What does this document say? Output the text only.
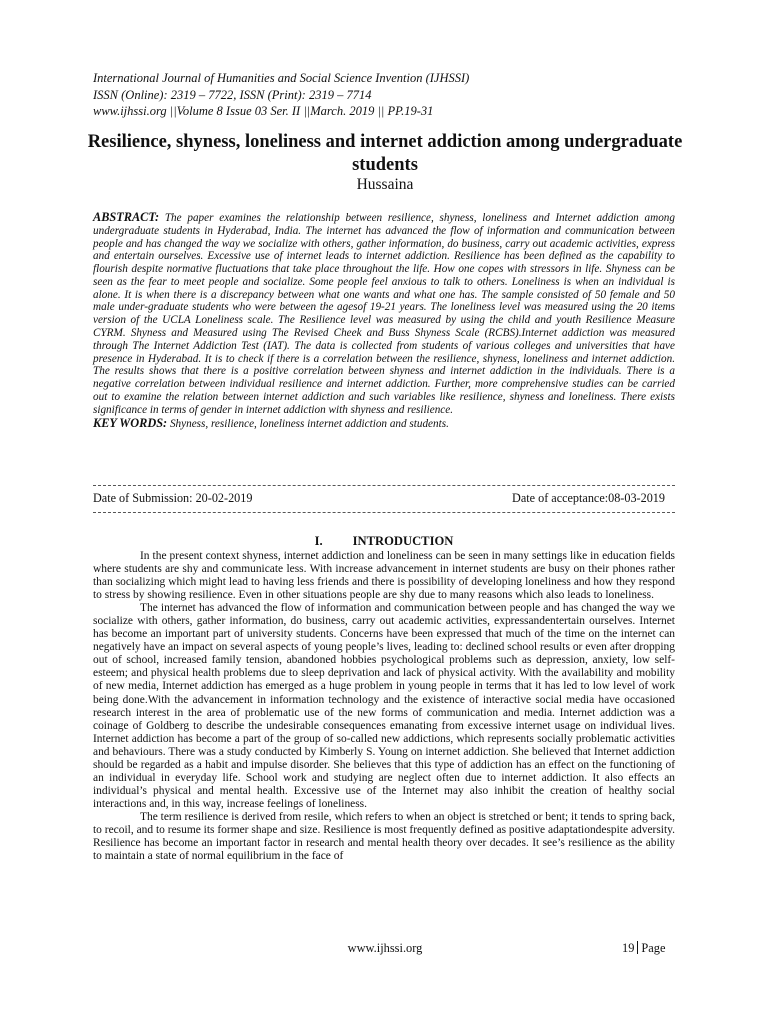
International Journal of Humanities and Social Science Invention (IJHSSI)
ISSN (Online): 2319 – 7722, ISSN (Print): 2319 – 7714
www.ijhssi.org ||Volume 8 Issue 03 Ser. II ||March. 2019 || PP.19-31
Resilience, shyness, loneliness and internet addiction among undergraduate students
Hussaina
ABSTRACT: The paper examines the relationship between resilience, shyness, loneliness and Internet addiction among undergraduate students in Hyderabad, India. The internet has advanced the flow of information and communication between people and has changed the way we socialize with others, gather information, do business, carry out academic activities, express and entertain ourselves. Excessive use of internet leads to internet addiction. Resilience has been defined as the capability to flourish despite normative fluctuations that take place throughout the life. How one copes with stressors in life. Shyness can be seen as the fear to meet people and socialize. Some people feel anxious to talk to others. Loneliness is when an individual is alone. It is when there is a discrepancy between what one wants and what one has. The sample consisted of 50 female and 50 male under-graduate students who were between the agesof 19-21 years. The loneliness level was measured using the 20 items version of the UCLA Loneliness scale. The Resilience level was measured by using the child and youth Resilience Measure CYRM. Shyness and Measured using The Revised Cheek and Buss Shyness Scale (RCBS).Internet addiction was measured through The Internet Addiction Test (IAT). The data is collected from students of various colleges and universities that have presence in Hyderabad. It is to check if there is a correlation between the resilience, shyness, loneliness and internet addiction. The results shows that there is a positive correlation between shyness and internet addiction in the individuals. There is a negative correlation between individual resilience and internet addiction. Further, more comprehensive studies can be carried out to examine the relation between internet addiction and such variables like resilience, shyness and loneliness. There exists significance in terms of gender in internet addiction with shyness and resilience.
KEY WORDS: Shyness, resilience, loneliness internet addiction and students.
Date of Submission: 20-02-2019	Date of acceptance:08-03-2019
I. INTRODUCTION

In the present context shyness, internet addiction and loneliness can be seen in many settings like in education fields where students are shy and communicate less. With increase advancement in internet students are busy on their phones rather than socializing which might lead to having less friends and there is possibility of developing loneliness and how they respond to stress by showing resilience. Even in other situations people are shy due to many reasons which also leads to loneliness.

The internet has advanced the flow of information and communication between people and has changed the way we socialize with others, gather information, do business, carry out academic activities, expressandentertain ourselves. Internet has become an important part of university students. Concerns have been expressed that much of the time on the internet can negatively have an impact on several aspects of young people’s lives, leading to: declined school results or even after dropping out of school, increased family tension, abandoned hobbies psychological problems such as depression, anxiety, low self-esteem; and physical health problems due to sleep deprivation and lack of physical activity. With the availability and mobility of new media, Internet addiction has emerged as a huge problem in young people in terms that it has led to low level of work being done.With the advancement in information technology and the existence of interactive social media have occasioned research interest in the area of problematic use of the new forms of communication and media. Internet addiction was a coinage of Goldberg to describe the undesirable consequences emanating from excessive internet usage on individual lives. Internet addiction has become a part of the group of so-called new addictions, which represents socially problematic activities and behaviours. There was a study conducted by Kimberly S. Young on internet addiction. She believed that Internet addiction should be regarded as a habit and impulse disorder. She believes that this type of addiction has an effect on the functioning of an individual in everyday life. School work and studying are neglect often due to internet addiction. It also effects an individual’s physical and mental health. Excessive use of the Internet may also inhibit the creation of healthy social interactions and, in this way, increase feelings of loneliness.

The term resilience is derived from resile, which refers to when an object is stretched or bent; it tends to spring back, to recoil, and to resume its former shape and size. Resilience is most frequently defined as positive adaptationdespite adversity. Resilience has become an important factor in research and mental health theory over decades. It see’s resilience as the ability to maintain a state of normal equilibrium in the face of

www.ijhssi.org	19 Page
